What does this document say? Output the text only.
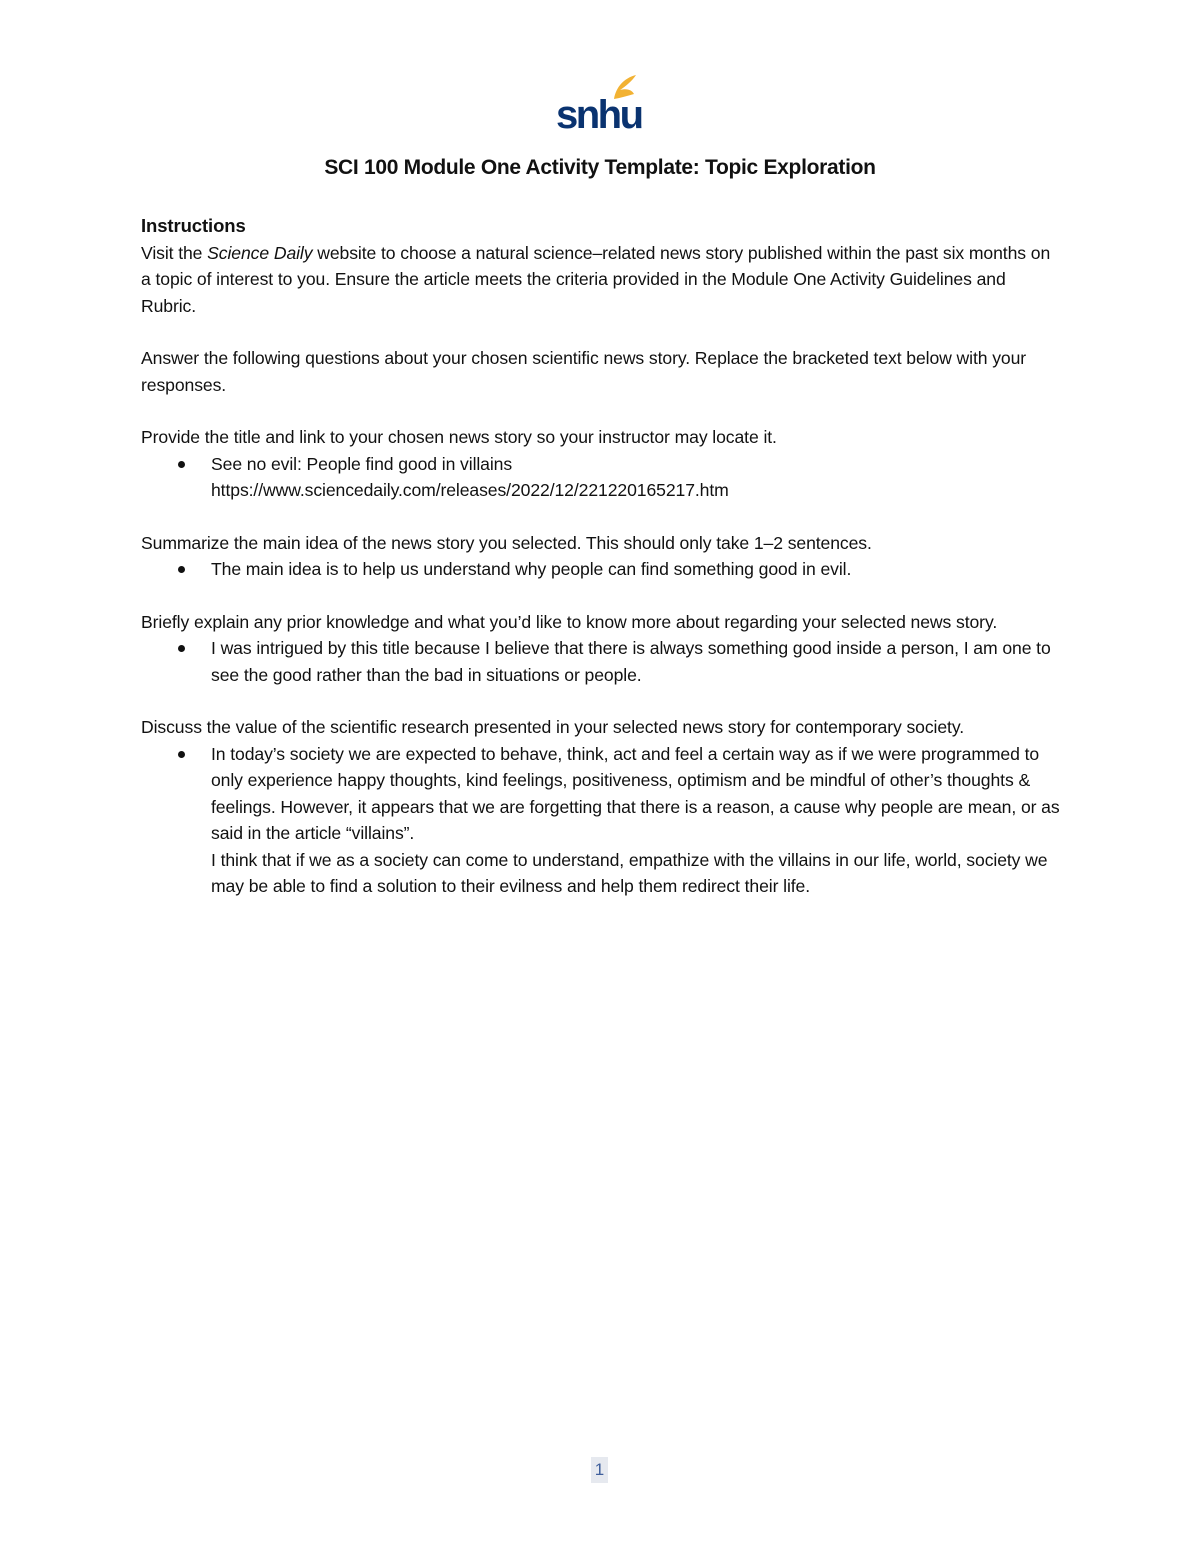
snhu
SCI 100 Module One Activity Template: Topic Exploration

Instructions

Visit the Science Daily website to choose a natural science–related news story published within the past six months on a topic of interest to you. Ensure the article meets the criteria provided in the Module One Activity Guidelines and Rubric.

Answer the following questions about your chosen scientific news story. Replace the bracketed text below with your responses.

Provide the title and link to your chosen news story so your instructor may locate it.

See no evil: People find good in villains
https://www.sciencedaily.com/releases/2022/12/221220165217.htm

Summarize the main idea of the news story you selected. This should only take 1–2 sentences.

The main idea is to help us understand why people can find something good in evil.

Briefly explain any prior knowledge and what you’d like to know more about regarding your selected news story.

I was intrigued by this title because I believe that there is always something good inside a person, I am one to see the good rather than the bad in situations or people.

Discuss the value of the scientific research presented in your selected news story for contemporary society.

In today’s society we are expected to behave, think, act and feel a certain way as if we were programmed to only experience happy thoughts, kind feelings, positiveness, optimism and be mindful of other’s thoughts & feelings. However, it appears that we are forgetting that there is a reason, a cause why people are mean, or as said in the article “villains”.
I think that if we as a society can come to understand, empathize with the villains in our life, world, society we may be able to find a solution to their evilness and help them redirect their life.
1
